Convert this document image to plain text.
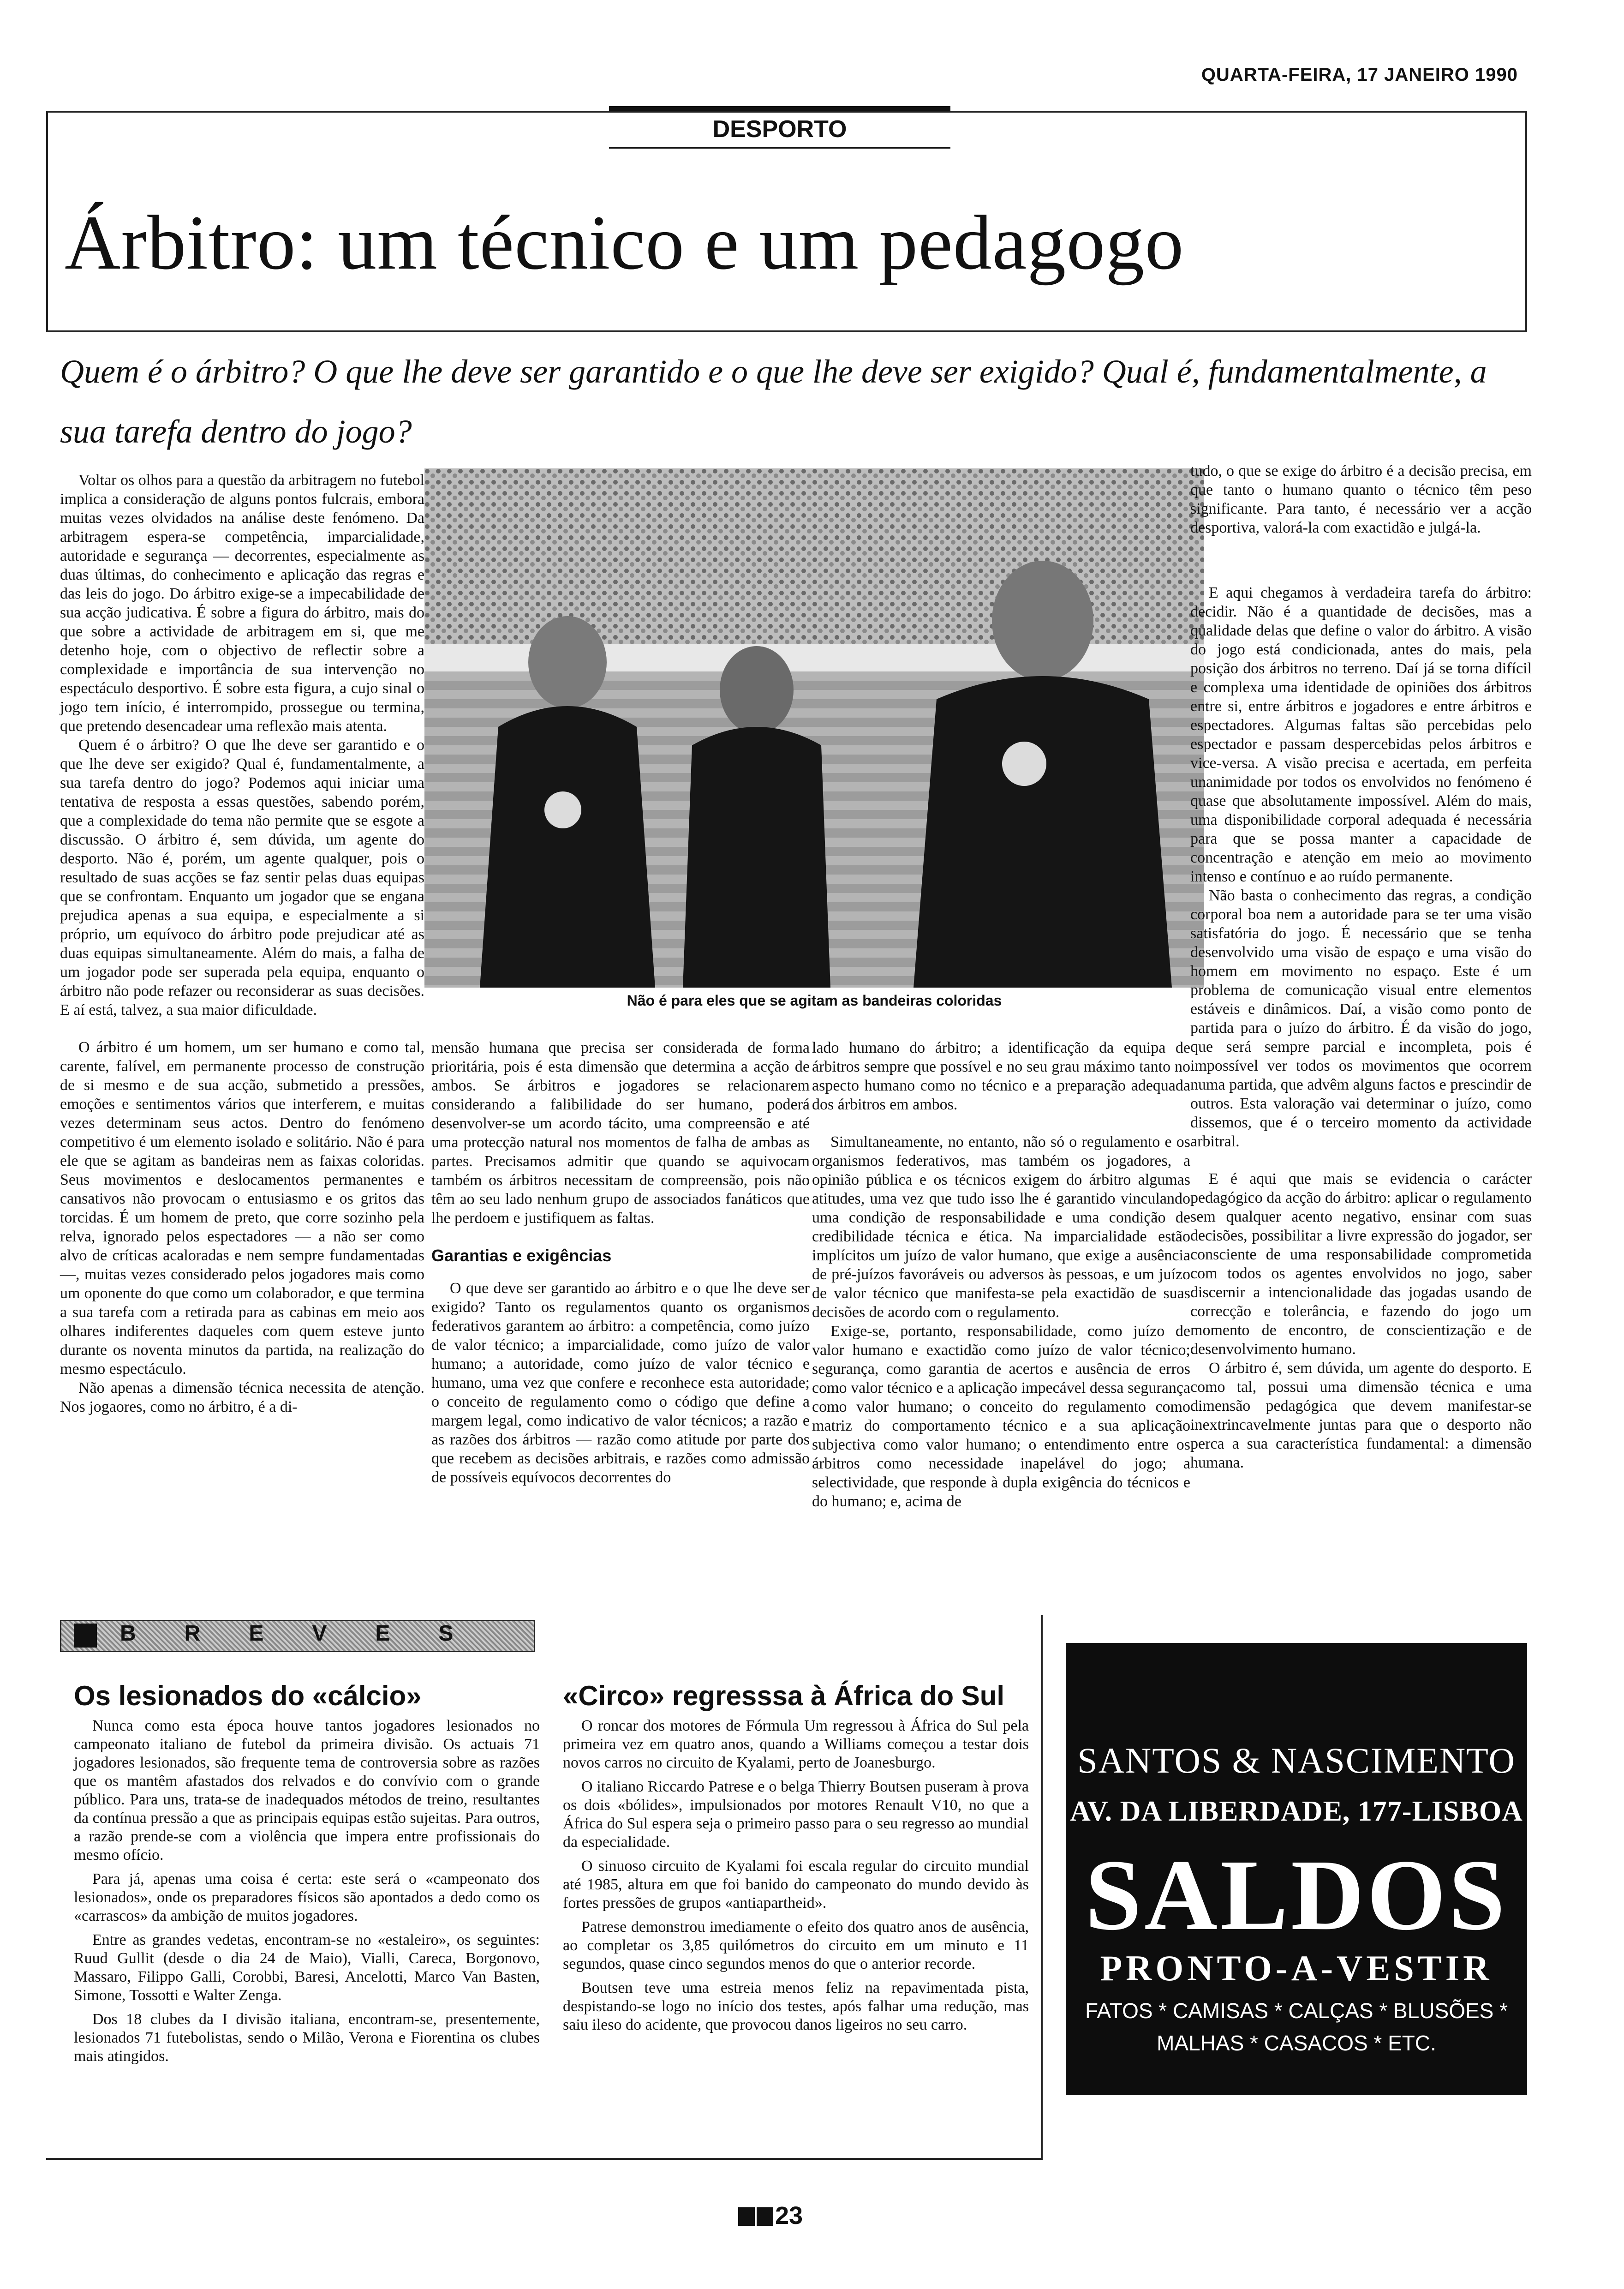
QUARTA-FEIRA, 17 JANEIRO 1990
DESPORTO
Árbitro: um técnico e um pedagogo
Quem é o árbitro? O que lhe deve ser garantido e o que lhe deve ser exigido? Qual é, fundamentalmente, a sua tarefa dentro do jogo?

Voltar os olhos para a questão da arbitragem no futebol implica a consideração de alguns pontos fulcrais, embora muitas vezes olvidados na análise deste fenómeno. Da arbitragem espera-se competência, imparcialidade, autoridade e segurança — decorrentes, especialmente as duas últimas, do conhecimento e aplicação das regras e das leis do jogo. Do árbitro exige-se a impecabilidade de sua acção judicativa. É sobre a figura do árbitro, mais do que sobre a actividade de arbitragem em si, que me detenho hoje, com o objectivo de reflectir sobre a complexidade e importância de sua intervenção no espectáculo desportivo. É sobre esta figura, a cujo sinal o jogo tem início, é interrompido, prossegue ou termina, que pretendo desencadear uma reflexão mais atenta.

Quem é o árbitro? O que lhe deve ser garantido e o que lhe deve ser exigido? Qual é, fundamentalmente, a sua tarefa dentro do jogo? Podemos aqui iniciar uma tentativa de resposta a essas questões, sabendo porém, que a complexidade do tema não permite que se esgote a discussão. O árbitro é, sem dúvida, um agente do desporto. Não é, porém, um agente qualquer, pois o resultado de suas acções se faz sentir pelas duas equipas que se confrontam. Enquanto um jogador que se engana prejudica apenas a sua equipa, e especialmente a si próprio, um equívoco do árbitro pode prejudicar até as duas equipas simultaneamente. Além do mais, a falha de um jogador pode ser superada pela equipa, enquanto o árbitro não pode refazer ou reconsiderar as suas decisões. E aí está, talvez, a sua maior dificuldade.

O árbitro é um homem, um ser humano e como tal, carente, falível, em permanente processo de construção de si mesmo e de sua acção, submetido a pressões, emoções e sentimentos vários que interferem, e muitas vezes determinam seus actos. Dentro do fenómeno competitivo é um elemento isolado e solitário. Não é para ele que se agitam as bandeiras nem as faixas coloridas. Seus movimentos e deslocamentos permanentes e cansativos não provocam o entusiasmo e os gritos das torcidas. É um homem de preto, que corre sozinho pela relva, ignorado pelos espectadores — a não ser como alvo de críticas acaloradas e nem sempre fundamentadas —, muitas vezes considerado pelos jogadores mais como um oponente do que como um colaborador, e que termina a sua tarefa com a retirada para as cabinas em meio aos olhares indiferentes daqueles com quem esteve junto durante os noventa minutos da partida, na realização do mesmo espectáculo.

Não apenas a dimensão técnica necessita de atenção. Nos jogaores, como no árbitro, é a di-

Não é para eles que se agitam as bandeiras coloridas

mensão humana que precisa ser considerada de forma prioritária, pois é esta dimensão que determina a acção de ambos. Se árbitros e jogadores se relacionarem considerando a falibilidade do ser humano, poderá desenvolver-se um acordo tácito, uma compreensão e até uma protecção natural nos momentos de falha de ambas as partes. Precisamos admitir que quando se aquivocam também os árbitros necessitam de compreensão, pois não têm ao seu lado nenhum grupo de associados fanáticos que lhe perdoem e justifiquem as faltas.

Garantias e exigências

O que deve ser garantido ao árbitro e o que lhe deve ser exigido? Tanto os regulamentos quanto os organismos federativos garantem ao árbitro: a competência, como juízo de valor técnico; a imparcialidade, como juízo de valor humano; a autoridade, como juízo de valor técnico e humano, uma vez que confere e reconhece esta autoridade; o conceito de regulamento como o código que define a margem legal, como indicativo de valor técnicos; a razão e as razões dos árbitros — razão como atitude por parte dos que recebem as decisões arbitrais, e razões como admissão de possíveis equívocos decorrentes do

lado humano do árbitro; a identificação da equipa de árbitros sempre que possível e no seu grau máximo tanto no aspecto humano como no técnico e a preparação adequada dos árbitros em ambos.

Simultaneamente, no entanto, não só o regulamento e os organismos federativos, mas também os jogadores, a opinião pública e os técnicos exigem do árbitro algumas atitudes, uma vez que tudo isso lhe é garantido vinculando uma condição de responsabilidade e uma condição de credibilidade técnica e ética. Na imparcialidade estão implícitos um juízo de valor humano, que exige a ausência de pré-juízos favoráveis ou adversos às pessoas, e um juízo de valor técnico que manifesta-se pela exactidão de suas decisões de acordo com o regulamento.

Exige-se, portanto, responsabilidade, como juízo de valor humano e exactidão como juízo de valor técnico; segurança, como garantia de acertos e ausência de erros como valor técnico e a aplicação impecável dessa segurança como valor humano; o conceito do regulamento como matriz do comportamento técnico e a sua aplicação subjectiva como valor humano; o entendimento entre os árbitros como necessidade inapelável do jogo; a selectividade, que responde à dupla exigência do técnicos e do humano; e, acima de

tudo, o que se exige do árbitro é a decisão precisa, em que tanto o humano quanto o técnico têm peso significante. Para tanto, é necessário ver a acção desportiva, valorá-la com exactidão e julgá-la.

E aqui chegamos à verdadeira tarefa do árbitro: decidir. Não é a quantidade de decisões, mas a qualidade delas que define o valor do árbitro. A visão do jogo está condicionada, antes do mais, pela posição dos árbitros no terreno. Daí já se torna difícil e complexa uma identidade de opiniões dos árbitros entre si, entre árbitros e jogadores e entre árbitros e espectadores. Algumas faltas são percebidas pelo espectador e passam despercebidas pelos árbitros e vice-versa. A visão precisa e acertada, em perfeita unanimidade por todos os envolvidos no fenómeno é quase que absolutamente impossível. Além do mais, uma disponibilidade corporal adequada é necessária para que se possa manter a capacidade de concentração e atenção em meio ao movimento intenso e contínuo e ao ruído permanente.

Não basta o conhecimento das regras, a condição corporal boa nem a autoridade para se ter uma visão satisfatória do jogo. É necessário que se tenha desenvolvido uma visão de espaço e uma visão do homem em movimento no espaço. Este é um problema de comunicação visual entre elementos estáveis e dinâmicos. Daí, a visão como ponto de partida para o juízo do árbitro. É da visão do jogo, que será sempre parcial e incompleta, pois é impossível ver todos os movimentos que ocorrem numa partida, que advêm alguns factos e prescindir de outros. Esta valoração vai determinar o juízo, como dissemos, que é o terceiro momento da actividade arbitral.

E é aqui que mais se evidencia o carácter pedagógico da acção do árbitro: aplicar o regulamento sem qualquer acento negativo, ensinar com suas decisões, possibilitar a livre expressão do jogador, ser consciente de uma responsabilidade comprometida com todos os agentes envolvidos no jogo, saber discernir a intencionalidade das jogadas usando de correcção e tolerância, e fazendo do jogo um momento de encontro, de conscientização e de desenvolvimento humano.

O árbitro é, sem dúvida, um agente do desporto. E como tal, possui uma dimensão técnica e uma dimensão pedagógica que devem manifestar-se inextrincavelmente juntas para que o desporto não perca a sua característica fundamental: a dimensão humana.

BREVES
Os lesionados do «cálcio»

Nunca como esta época houve tantos jogadores lesionados no campeonato italiano de futebol da primeira divisão. Os actuais 71 jogadores lesionados, são frequente tema de controversia sobre as razões que os mantêm afastados dos relvados e do convívio com o grande público. Para uns, trata-se de inadequados métodos de treino, resultantes da contínua pressão a que as principais equipas estão sujeitas. Para outros, a razão prende-se com a violência que impera entre profissionais do mesmo ofício.

Para já, apenas uma coisa é certa: este será o «campeonato dos lesionados», onde os preparadores físicos são apontados a dedo como os «carrascos» da ambição de muitos jogadores.

Entre as grandes vedetas, encontram-se no «estaleiro», os seguintes: Ruud Gullit (desde o dia 24 de Maio), Vialli, Careca, Borgonovo, Massaro, Filippo Galli, Corobbi, Baresi, Ancelotti, Marco Van Basten, Simone, Tossotti e Walter Zenga.

Dos 18 clubes da I divisão italiana, encontram-se, presentemente, lesionados 71 futebolistas, sendo o Milão, Verona e Fiorentina os clubes mais atingidos.

«Circo» regresssa à África do Sul

O roncar dos motores de Fórmula Um regressou à África do Sul pela primeira vez em quatro anos, quando a Williams começou a testar dois novos carros no circuito de Kyalami, perto de Joanesburgo.

O italiano Riccardo Patrese e o belga Thierry Boutsen puseram à prova os dois «bólides», impulsionados por motores Renault V10, no que a África do Sul espera seja o primeiro passo para o seu regresso ao mundial da especialidade.

O sinuoso circuito de Kyalami foi escala regular do circuito mundial até 1985, altura em que foi banido do campeonato do mundo devido às fortes pressões de grupos «antiapartheid».

Patrese demonstrou imediamente o efeito dos quatro anos de ausência, ao completar os 3,85 quilómetros do circuito em um minuto e 11 segundos, quase cinco segundos menos do que o anterior recorde.

Boutsen teve uma estreia menos feliz na repavimentada pista, despistando-se logo no início dos testes, após falhar uma redução, mas saiu ileso do acidente, que provocou danos ligeiros no seu carro.

SANTOS & NASCIMENTO
AV. DA LIBERDADE, 177-LISBOA
SALDOS
PRONTO-A-VESTIR
FATOS * CAMISAS * CALÇAS * BLUSÕES *
MALHAS * CASACOS * ETC.
23
